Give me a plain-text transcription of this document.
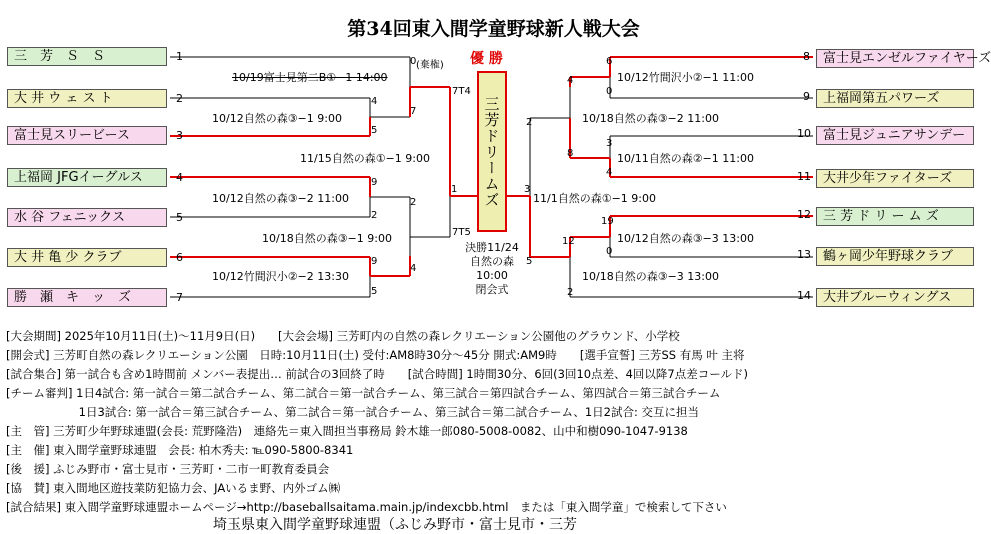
第34回東入間学童野球新人戦大会
優 勝
三芳ドリームズ
決勝11/24
自然の森
10:00
閉会式
三　芳　Ｓ　Ｓ	1
大 井 ウ ェ ス ト	2
富士見スリービース	3
上福岡 JFGイーグルス	4
水 谷 フェニックス	5
大 井 亀 少 クラブ	6
勝　瀬　キ　ッ　ズ	7
富士見エンゼルファイヤーズ
8
上福岡第五パワーズ
9
富士見ジュニアサンデー
10
大井少年ファイターズ
11
三 芳 ド リ ー ム ズ
12
鶴ヶ岡少年野球クラブ
13
大井ブルーウィングス
14
10/19富士見第二B①−1 14:00
10/12自然の森③−1 9:00
11/15自然の森①−1 9:00
10/12自然の森③−2 11:00
10/18自然の森③−1 9:00
10/12竹間沢小②−2 13:30
10/12竹間沢小②−1 11:00
10/18自然の森③−2 11:00
10/11自然の森②−1 11:00
11/1自然の森①−1 9:00
10/12自然の森③−3 13:00
10/18自然の森③−3 13:00
0
4
5
7
9
2
2
9
5
4
1	3
6
0
4
2
3
4
8
19
0
12
5
2
(棄権)
7T4
7T5
[大会期間] 2025年10月11日(土)〜11月9日(日)　　[大会会場] 三芳町内の自然の森レクリエーション公園他のグラウンド、小学校
[開会式] 三芳町自然の森レクリエーション公園　日時:10月11日(土) 受付:AM8時30分〜45分 開式:AM9時　　[選手宣誓] 三芳SS 有馬 叶 主将
[試合集合] 第一試合も含め1時間前 メンバー表提出… 前試合の3回終了時　　[試合時間] 1時間30分、6回(3回10点差、4回以降7点差コールド)
[チーム審判] 1日4試合: 第一試合＝第二試合チーム、第二試合＝第一試合チーム、第三試合＝第四試合チーム、第四試合＝第三試合チーム
　　　　　　 1日3試合: 第一試合＝第三試合チーム、第二試合＝第一試合チーム、第三試合＝第二試合チーム、1日2試合: 交互に担当
[主　管] 三芳町少年野球連盟(会長: 荒野隆浩)　連絡先＝東入間担当事務局 鈴木雄一郎080-5008-0082、山中和樹090-1047-9138
[主　催] 東入間学童野球連盟　会長: 柏木秀夫: ℡090-5800-8341
[後　援] ふじみ野市・富士見市・三芳町・二市一町教育委員会
[協　賛] 東入間地区遊技業防犯協力会、JAいるま野、内外ゴム㈱
[試合結果] 東入間学童野球連盟ホームページ→http://baseballsaitama.main.jp/indexcbb.html　または「東入間学童」で検索して下さい
埼玉県東入間学童野球連盟（ふじみ野市・富士見市・三芳
